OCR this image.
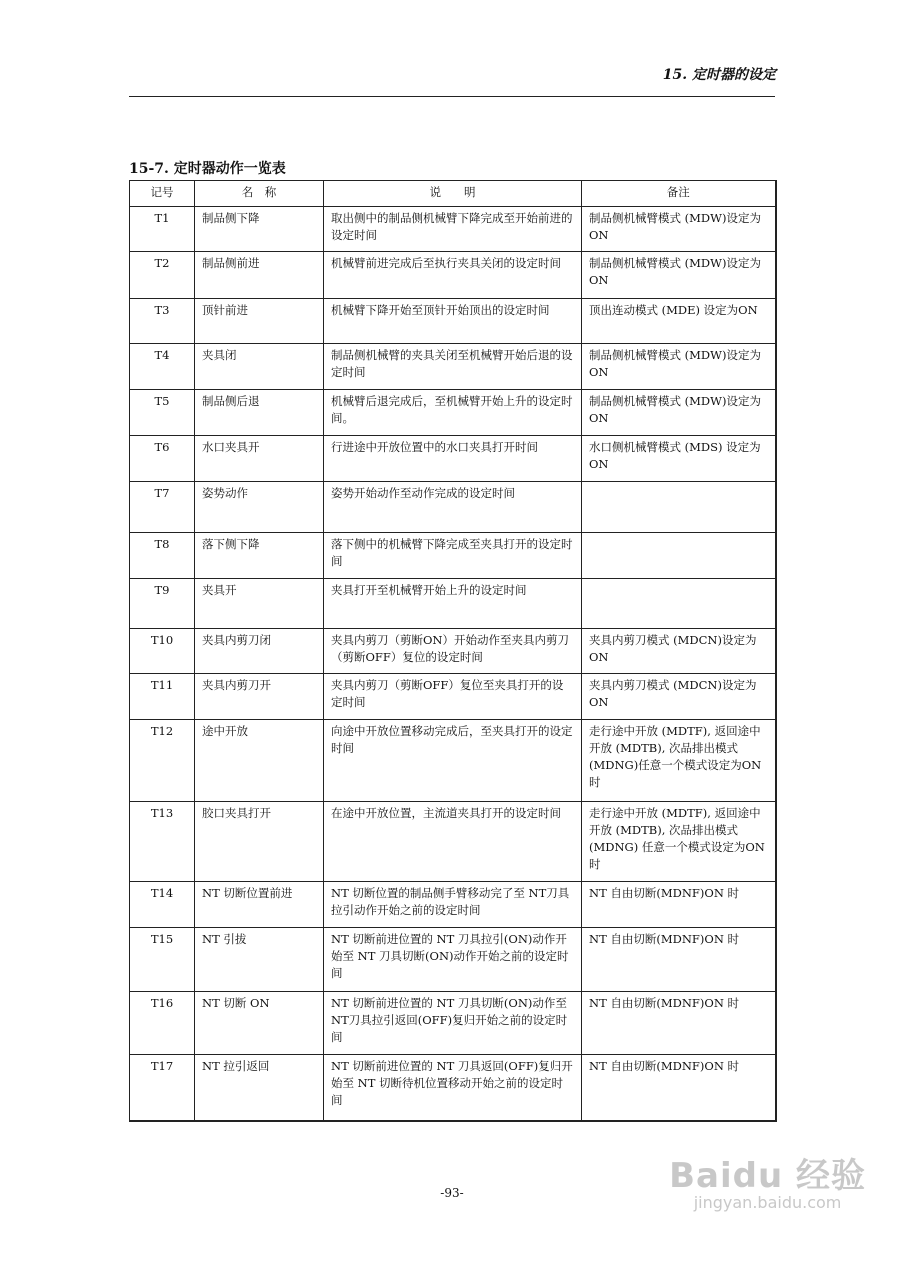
15. 定时器的设定
15-7. 定时器动作一览表
记号	名　称	说　　明	备注
T1	制品侧下降	取出侧中的制品侧机械臂下降完成至开始前进的设定时间	制品侧机械臂模式 (MDW)设定为 ON
T2	制品侧前进	机械臂前进完成后至执行夹具关闭的设定时间	制品侧机械臂模式 (MDW)设定为 ON
T3	顶针前进	机械臂下降开始至顶针开始顶出的设定时间	顶出连动模式 (MDE) 设定为ON
T4	夹具闭	制品侧机械臂的夹具关闭至机械臂开始后退的设定时间	制品侧机械臂模式 (MDW)设定为 ON
T5	制品侧后退	机械臂后退完成后，至机械臂开始上升的设定时间。	制品侧机械臂模式 (MDW)设定为 ON
T6	水口夹具开	行进途中开放位置中的水口夹具打开时间	水口侧机械臂模式 (MDS) 设定为ON
T7	姿势动作	姿势开始动作至动作完成的设定时间	
T8	落下侧下降	落下侧中的机械臂下降完成至夹具打开的设定时间	
T9	夹具开	夹具打开至机械臂开始上升的设定时间	
T10	夹具内剪刀闭	夹具内剪刀（剪断ON）开始动作至夹具内剪刀（剪断OFF）复位的设定时间	夹具内剪刀模式 (MDCN)设定为ON
T11	夹具内剪刀开	夹具内剪刀（剪断OFF）复位至夹具打开的设定时间	夹具内剪刀模式 (MDCN)设定为ON
T12	途中开放	向途中开放位置移动完成后，至夹具打开的设定时间	走行途中开放 (MDTF), 返回途中开放 (MDTB), 次品排出模式(MDNG)任意一个模式设定为ON时
T13	胶口夹具打开	在途中开放位置，主流道夹具打开的设定时间	走行途中开放 (MDTF), 返回途中开放 (MDTB), 次品排出模式(MDNG) 任意一个模式设定为ON时
T14	NT 切断位置前进	NT 切断位置的制品侧手臂移动完了至 NT刀具拉引动作开始之前的设定时间	NT 自由切断(MDNF)ON 时
T15	NT 引拔	NT 切断前进位置的 NT 刀具拉引(ON)动作开始至 NT 刀具切断(ON)动作开始之前的设定时间	NT 自由切断(MDNF)ON 时
T16	NT 切断 ON	NT 切断前进位置的 NT 刀具切断(ON)动作至NT刀具拉引返回(OFF)复归开始之前的设定时间	NT 自由切断(MDNF)ON 时
T17	NT 拉引返回	NT 切断前进位置的 NT 刀具返回(OFF)复归开始至 NT 切断待机位置移动开始之前的设定时间	NT 自由切断(MDNF)ON 时
-93-	Baidu 经验
jingyan.baidu.com
